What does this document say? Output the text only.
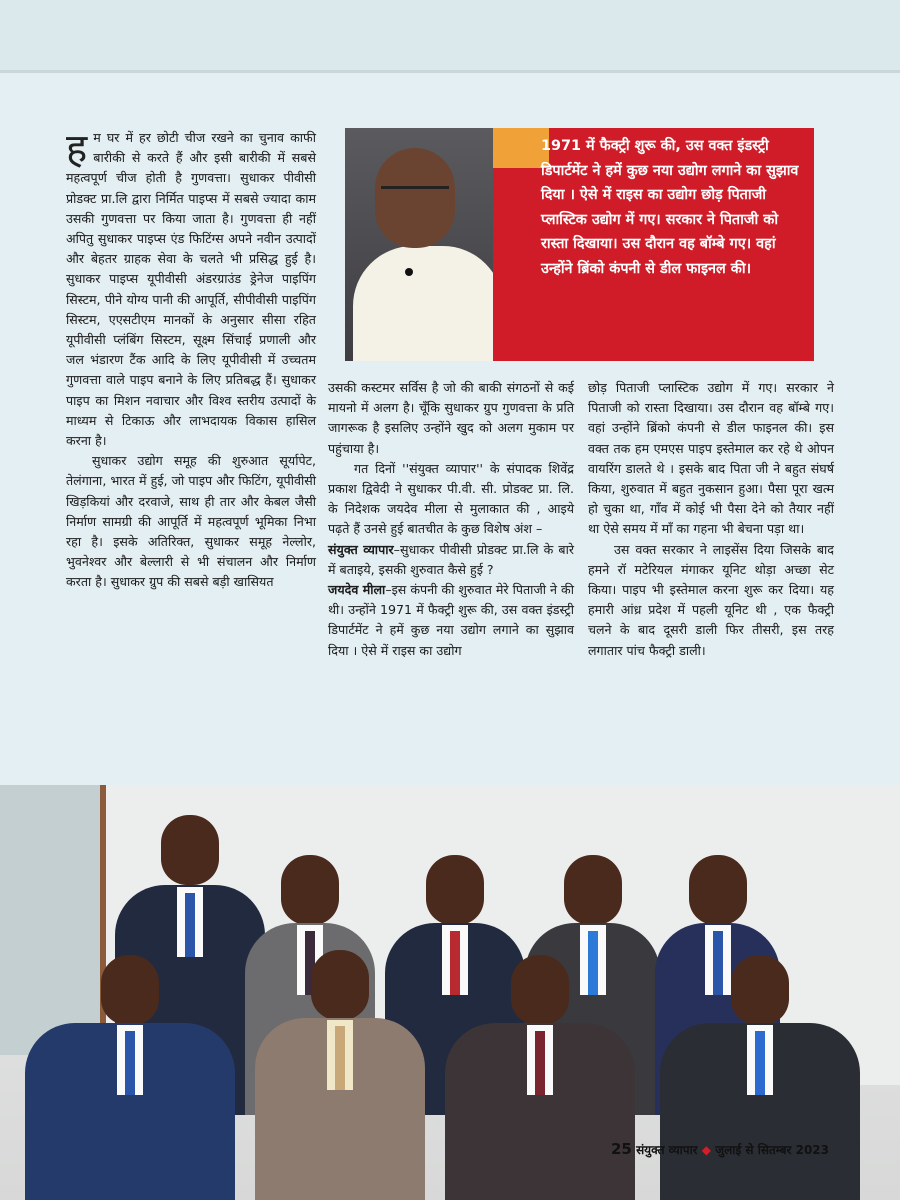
हम घर में हर छोटी चीज रखने का चुनाव काफी बारीकी से करते हैं और इसी बारीकी में सबसे महत्वपूर्ण चीज होती है गुणवत्ता। सुधाकर पीवीसी प्रोडक्ट प्रा.लि द्वारा निर्मित पाइप्स में सबसे ज्यादा काम उसकी गुणवत्ता पर किया जाता है। गुणवत्ता ही नहीं अपितु सुधाकर पाइप्स एंड फिटिंग्स अपने नवीन उत्पादों और बेहतर ग्राहक सेवा के चलते भी प्रसिद्ध हुई है। सुधाकर पाइप्स यूपीवीसी अंडरग्राउंड ड्रेनेज पाइपिंग सिस्टम, पीने योग्य पानी की आपूर्ति, सीपीवीसी पाइपिंग सिस्टम, एएसटीएम मानकों के अनुसार सीसा रहित यूपीवीसी प्लंबिंग सिस्टम, सूक्ष्म सिंचाई प्रणाली और जल भंडारण टैंक आदि के लिए यूपीवीसी में उच्चतम गुणवत्ता वाले पाइप बनाने के लिए प्रतिबद्ध हैं। सुधाकर पाइप का मिशन नवाचार और विश्व स्तरीय उत्पादों के माध्यम से टिकाऊ और लाभदायक विकास हासिल करना है।

सुधाकर उद्योग समूह की शुरुआत सूर्यापेट, तेलंगाना, भारत में हुई, जो पाइप और फिटिंग, यूपीवीसी खिड़कियां और दरवाजे, साथ ही तार और केबल जैसी निर्माण सामग्री की आपूर्ति में महत्वपूर्ण भूमिका निभा रहा है। इसके अतिरिक्त, सुधाकर समूह नेल्लोर, भुवनेश्वर और बेल्लारी से भी संचालन और निर्माण करता है। सुधाकर ग्रुप की सबसे बड़ी खासियत

1971 में फैक्ट्री शुरू की, उस वक्त इंडस्ट्री डिपार्टमेंट ने हमें कुछ नया उद्योग लगाने का सुझाव दिया । ऐसे में राइस का उद्योग छोड़ पिताजी प्लास्टिक उद्योग में गए। सरकार ने पिताजी को रास्ता दिखाया। उस दौरान वह बॉम्बे गए। वहां उन्होंने ब्रिंको कंपनी से डील फाइनल की।

उसकी कस्टमर सर्विस है जो की बाकी संगठनों से कई मायनो में अलग है। चूँकि सुधाकर ग्रुप गुणवत्ता के प्रति जागरूक है इसलिए उन्होंने खुद को अलग मुकाम पर पहुंचाया है।

गत दिनों ''संयुक्त व्यापार'' के संपादक शिवेंद्र प्रकाश द्विवेदी ने सुधाकर पी.वी. सी. प्रोडक्ट प्रा. लि. के निदेशक जयदेव मीला से मुलाकात की , आइये पढ़ते हैं उनसे हुई बातचीत के कुछ विशेष अंश –

संयुक्त व्यापार–सुधाकर पीवीसी प्रोडक्ट प्रा.लि के बारे में बताइये, इसकी शुरुवात कैसे हुई ?

जयदेव मीला–इस कंपनी की शुरुवात मेरे पिताजी ने की थी। उन्होंने 1971 में फैक्ट्री शुरू की, उस वक्त इंडस्ट्री डिपार्टमेंट ने हमें कुछ नया उद्योग लगाने का सुझाव दिया । ऐसे में राइस का उद्योग

छोड़ पिताजी प्लास्टिक उद्योग में गए। सरकार ने पिताजी को रास्ता दिखाया। उस दौरान वह बॉम्बे गए। वहां उन्होंने ब्रिंको कंपनी से डील फाइनल की। इस वक्त तक हम एमएस पाइप इस्तेमाल कर रहे थे ओपन वायरिंग डालते थे । इसके बाद पिता जी ने बहुत संघर्ष किया, शुरुवात में बहुत नुकसान हुआ। पैसा पूरा खत्म हो चुका था, गाँव में कोई भी पैसा देने को तैयार नहीं था ऐसे समय में माँ का गहना भी बेचना पड़ा था।

उस वक्त सरकार ने लाइसेंस दिया जिसके बाद हमने रॉ मटेरियल मंगाकर यूनिट थोड़ा अच्छा सेट किया। पाइप भी इस्तेमाल करना शुरू कर दिया। यह हमारी आंध्र प्रदेश में पहली यूनिट थी , एक फैक्ट्री चलने के बाद दूसरी डाली फिर तीसरी, इस तरह लगातार पांच फैक्ट्री डाली।

25 संयुक्त व्यापार ◆ जुलाई से सितम्बर 2023
